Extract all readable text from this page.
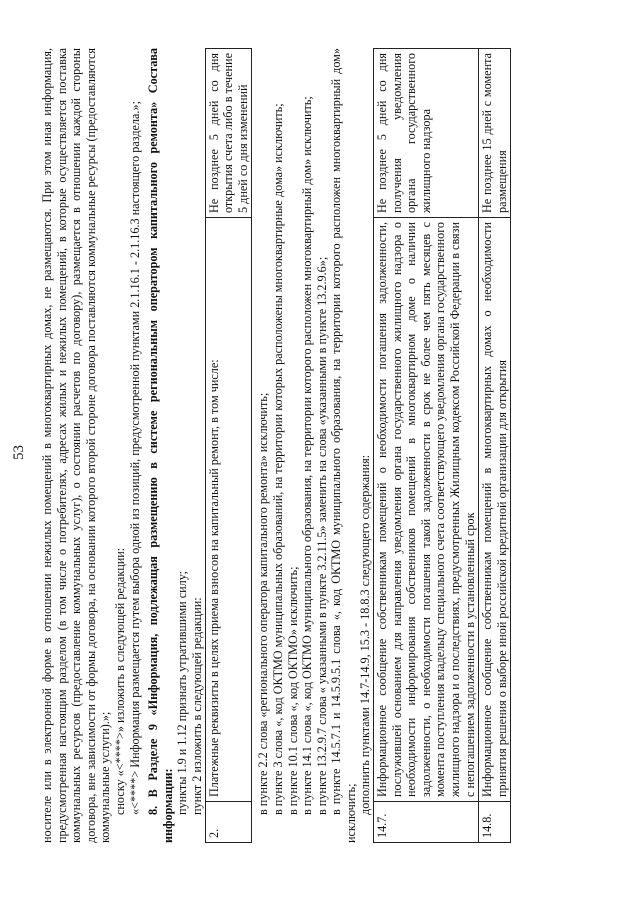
53 носителе или в электронной форме в отношении нежилых помещений в многоквартирных домах, не размещаются. При этом иная информация, предусмотренная настоящим разделом (в том числе о потребителях, адресах жилых и нежилых помещений, в которые осуществляется поставка коммунальных ресурсов (предоставление коммунальных услуг), о состоянии расчетов по договору), размещается в отношении каждой стороны договора, вне зависимости от формы договора, на основании которого второй стороне договора поставляются коммунальные ресурсы (предоставляются коммунальные услуги).»; сноску «<****>» изложить в следующей редакции: «<****> Информация размещается путем выбора одной из позиций, предусмотренной пунктами 2.1.16.1 - 2.1.16.3 настоящего раздела.»; 8. В Разделе 9 «Информация, подлежащая размещению в системе региональным оператором капитального ремонта» Состава информации: пункты 1.9 и 1.12 признать утратившими силу; пункт 2 изложить в следующей редакции:

2.	Платежные реквизиты в целях приема взносов на капитальный ремонт, в том числе:	Не позднее 5 дней со дня открытия счета либо в течение 5 дней со дня изменений

в пункте 2.2 слова «регионального оператора капитального ремонта» исключить; в пункте 3 слова «, код ОКТМО муниципальных образований, на территории которых расположены многоквартирные дома» исключить; в пункте 10.1 слова «, код ОКТМО» исключить; в пункте 14.1 слова «, код ОКТМО муниципального образования, на территории которого расположен многоквартирный дом» исключить; в пункте 13.2.9.7 слова « указанными в пункте 3.2.11.5» заменить на слова «указанными в пункте 13.2.9.6»; в пункте 14.5.7.1 и 14.5.9.5.1 слова «, код ОКТМО муниципального образования, на территории которого расположен многоквартирный дом» исключить; дополнить пунктами 14.7-14.9, 15.3 - 18.8.3 следующего содержания:

14.7.	Информационное сообщение собственникам помещений о необходимости погашения задолженности, послужившей основанием для направления уведомления органа государственного жилищного надзора о необходимости информирования собственников помещений в многоквартирном доме о наличии задолженности, о необходимости погашения такой задолженности в срок не более чем пять месяцев с момента поступления владельцу специального счета соответствующего уведомления органа государственного жилищного надзора и о последствиях, предусмотренных Жилищным кодексом Российской Федерации в связи с непогашением задолженности в установленный срок	Не позднее 5 дней со дня получения уведомления органа государственного жилищного надзора
14.8.	Информационное сообщение собственникам помещений в многоквартирных домах о необходимости принятия решения о выборе иной российской кредитной организации для открытия	Не позднее 15 дней с момента размещения
